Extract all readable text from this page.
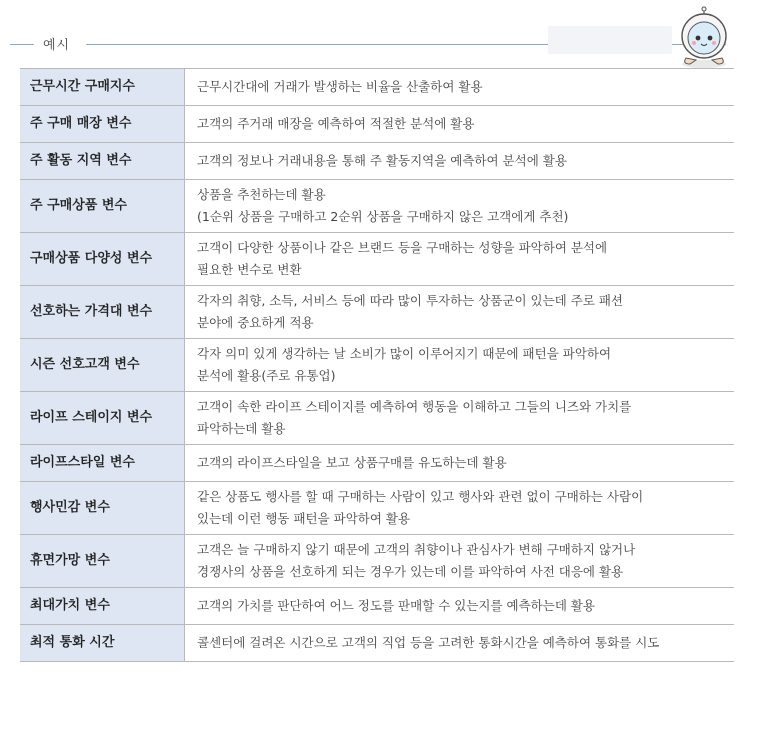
예시
근무시간 구매지수	근무시간대에 거래가 발생하는 비율을 산출하여 활용

주 구매 매장 변수	고객의 주거래 매장을 예측하여 적절한 분석에 활용

주 활동 지역 변수	고객의 정보나 거래내용을 통해 주 활동지역을 예측하여 분석에 활용

주 구매상품 변수	상품을 추천하는데 활용
(1순위 상품을 구매하고 2순위 상품을 구매하지 않은 고객에게 추천)

구매상품 다양성 변수	고객이 다양한 상품이나 같은 브랜드 등을 구매하는 성향을 파악하여 분석에
필요한 변수로 변환

선호하는 가격대 변수	각자의 취향, 소득, 서비스 등에 따라 많이 투자하는 상품군이 있는데 주로 패션
분야에 중요하게 적용

시즌 선호고객 변수	각자 의미 있게 생각하는 날 소비가 많이 이루어지기 때문에 패턴을 파악하여
분석에 활용(주로 유통업)

라이프 스테이지 변수	고객이 속한 라이프 스테이지를 예측하여 행동을 이해하고 그들의 니즈와 가치를
파악하는데 활용

라이프스타일 변수	고객의 라이프스타일을 보고 상품구매를 유도하는데 활용

행사민감 변수	같은 상품도 행사를 할 때 구매하는 사람이 있고 행사와 관련 없이 구매하는 사람이
있는데 이런 행동 패턴을 파악하여 활용

휴면가망 변수	고객은 늘 구매하지 않기 때문에 고객의 취향이나 관심사가 변해 구매하지 않거나
경쟁사의 상품을 선호하게 되는 경우가 있는데 이를 파악하여 사전 대응에 활용

최대가치 변수	고객의 가치를 판단하여 어느 정도를 판매할 수 있는지를 예측하는데 활용

최적 통화 시간	콜센터에 걸려온 시간으로 고객의 직업 등을 고려한 통화시간을 예측하여 통화를 시도
